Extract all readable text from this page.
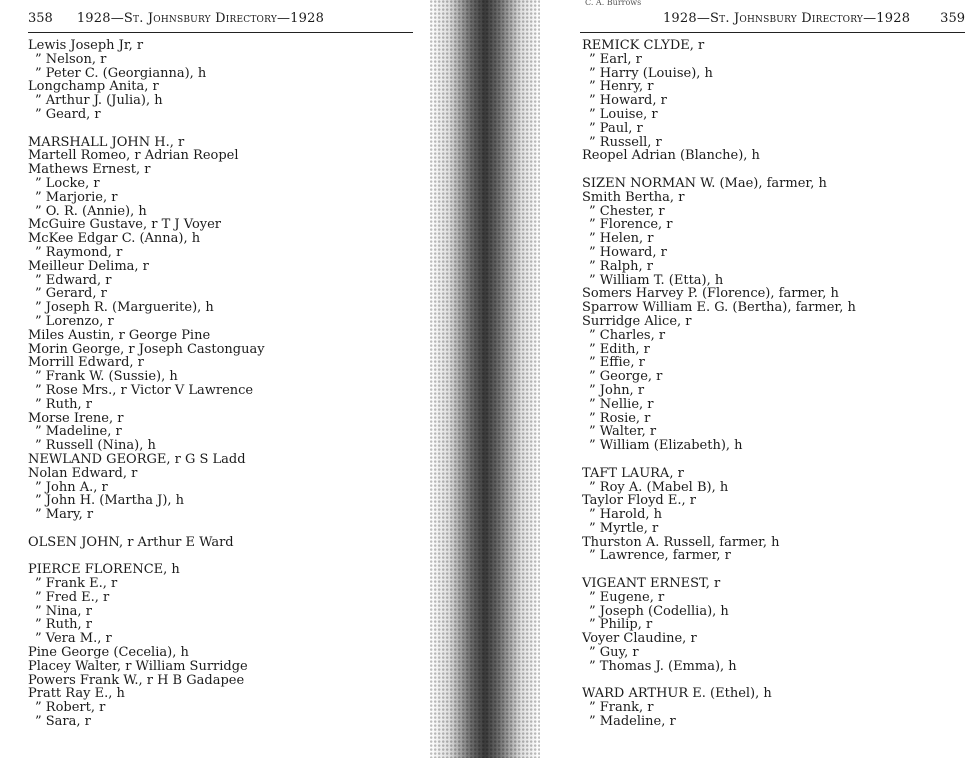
358 1928—St. Johnsbury Directory—1928
Lewis Joseph Jr, r
” Nelson, r
” Peter C. (Georgianna), h
Longchamp Anita, r
” Arthur J. (Julia), h
” Geard, r
MARSHALL JOHN H., r
Martell Romeo, r Adrian Reopel
Mathews Ernest, r
” Locke, r
” Marjorie, r
” O. R. (Annie), h
McGuire Gustave, r T J Voyer
McKee Edgar C. (Anna), h
” Raymond, r
Meilleur Delima, r
” Edward, r
” Gerard, r
” Joseph R. (Marguerite), h
” Lorenzo, r
Miles Austin, r George Pine
Morin George, r Joseph Castonguay
Morrill Edward, r
” Frank W. (Sussie), h
” Rose Mrs., r Victor V Lawrence
” Ruth, r
Morse Irene, r
” Madeline, r
” Russell (Nina), h
NEWLAND GEORGE, r G S Ladd
Nolan Edward, r
” John A., r
” John H. (Martha J), h
” Mary, r
OLSEN JOHN, r Arthur E Ward
PIERCE FLORENCE, h
” Frank E., r
” Fred E., r
” Nina, r
” Ruth, r
” Vera M., r
Pine George (Cecelia), h
Placey Walter, r William Surridge
Powers Frank W., r H B Gadapee
Pratt Ray E., h
” Robert, r
” Sara, r
C. A. Burrows
1928—St. Johnsbury Directory—1928 359
REMICK CLYDE, r
” Earl, r
” Harry (Louise), h
” Henry, r
” Howard, r
” Louise, r
” Paul, r
” Russell, r
Reopel Adrian (Blanche), h
SIZEN NORMAN W. (Mae), farmer, h
Smith Bertha, r
” Chester, r
” Florence, r
” Helen, r
” Howard, r
” Ralph, r
” William T. (Etta), h
Somers Harvey P. (Florence), farmer, h
Sparrow William E. G. (Bertha), farmer, h
Surridge Alice, r
” Charles, r
” Edith, r
” Effie, r
” George, r
” John, r
” Nellie, r
” Rosie, r
” Walter, r
” William (Elizabeth), h
TAFT LAURA, r
” Roy A. (Mabel B), h
Taylor Floyd E., r
” Harold, h
” Myrtle, r
Thurston A. Russell, farmer, h
” Lawrence, farmer, r
VIGEANT ERNEST, r
” Eugene, r
” Joseph (Codellia), h
” Philip, r
Voyer Claudine, r
” Guy, r
” Thomas J. (Emma), h
WARD ARTHUR E. (Ethel), h
” Frank, r
” Madeline, r
